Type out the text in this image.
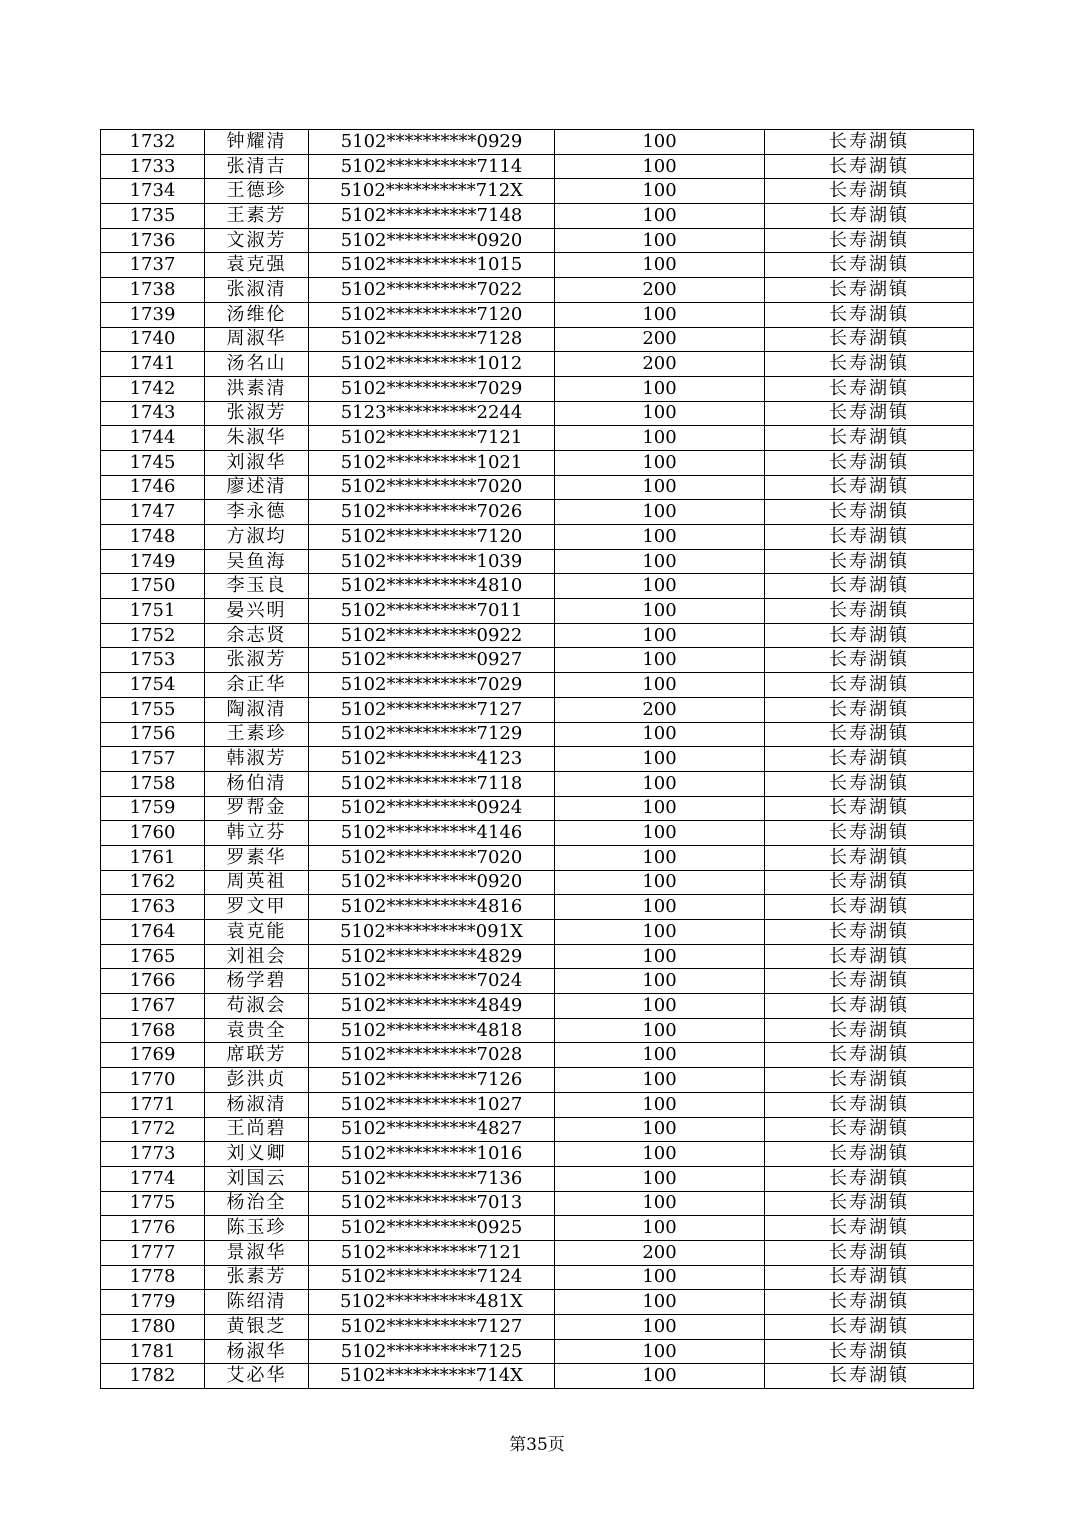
1732	钟耀清	5102**********0929	100	长寿湖镇
1733	张清吉	5102**********7114	100	长寿湖镇
1734	王德珍	5102**********712X	100	长寿湖镇
1735	王素芳	5102**********7148	100	长寿湖镇
1736	文淑芳	5102**********0920	100	长寿湖镇
1737	袁克强	5102**********1015	100	长寿湖镇
1738	张淑清	5102**********7022	200	长寿湖镇
1739	汤维伦	5102**********7120	100	长寿湖镇
1740	周淑华	5102**********7128	200	长寿湖镇
1741	汤名山	5102**********1012	200	长寿湖镇
1742	洪素清	5102**********7029	100	长寿湖镇
1743	张淑芳	5123**********2244	100	长寿湖镇
1744	朱淑华	5102**********7121	100	长寿湖镇
1745	刘淑华	5102**********1021	100	长寿湖镇
1746	廖述清	5102**********7020	100	长寿湖镇
1747	李永德	5102**********7026	100	长寿湖镇
1748	方淑均	5102**********7120	100	长寿湖镇
1749	吴鱼海	5102**********1039	100	长寿湖镇
1750	李玉良	5102**********4810	100	长寿湖镇
1751	晏兴明	5102**********7011	100	长寿湖镇
1752	余志贤	5102**********0922	100	长寿湖镇
1753	张淑芳	5102**********0927	100	长寿湖镇
1754	余正华	5102**********7029	100	长寿湖镇
1755	陶淑清	5102**********7127	200	长寿湖镇
1756	王素珍	5102**********7129	100	长寿湖镇
1757	韩淑芳	5102**********4123	100	长寿湖镇
1758	杨伯清	5102**********7118	100	长寿湖镇
1759	罗帮金	5102**********0924	100	长寿湖镇
1760	韩立芬	5102**********4146	100	长寿湖镇
1761	罗素华	5102**********7020	100	长寿湖镇
1762	周英祖	5102**********0920	100	长寿湖镇
1763	罗文甲	5102**********4816	100	长寿湖镇
1764	袁克能	5102**********091X	100	长寿湖镇
1765	刘祖会	5102**********4829	100	长寿湖镇
1766	杨学碧	5102**********7024	100	长寿湖镇
1767	苟淑会	5102**********4849	100	长寿湖镇
1768	袁贵全	5102**********4818	100	长寿湖镇
1769	席联芳	5102**********7028	100	长寿湖镇
1770	彭洪贞	5102**********7126	100	长寿湖镇
1771	杨淑清	5102**********1027	100	长寿湖镇
1772	王尚碧	5102**********4827	100	长寿湖镇
1773	刘义卿	5102**********1016	100	长寿湖镇
1774	刘国云	5102**********7136	100	长寿湖镇
1775	杨治全	5102**********7013	100	长寿湖镇
1776	陈玉珍	5102**********0925	100	长寿湖镇
1777	景淑华	5102**********7121	200	长寿湖镇
1778	张素芳	5102**********7124	100	长寿湖镇
1779	陈绍清	5102**********481X	100	长寿湖镇
1780	黄银芝	5102**********7127	100	长寿湖镇
1781	杨淑华	5102**********7125	100	长寿湖镇
1782	艾必华	5102**********714X	100	长寿湖镇
第35页
